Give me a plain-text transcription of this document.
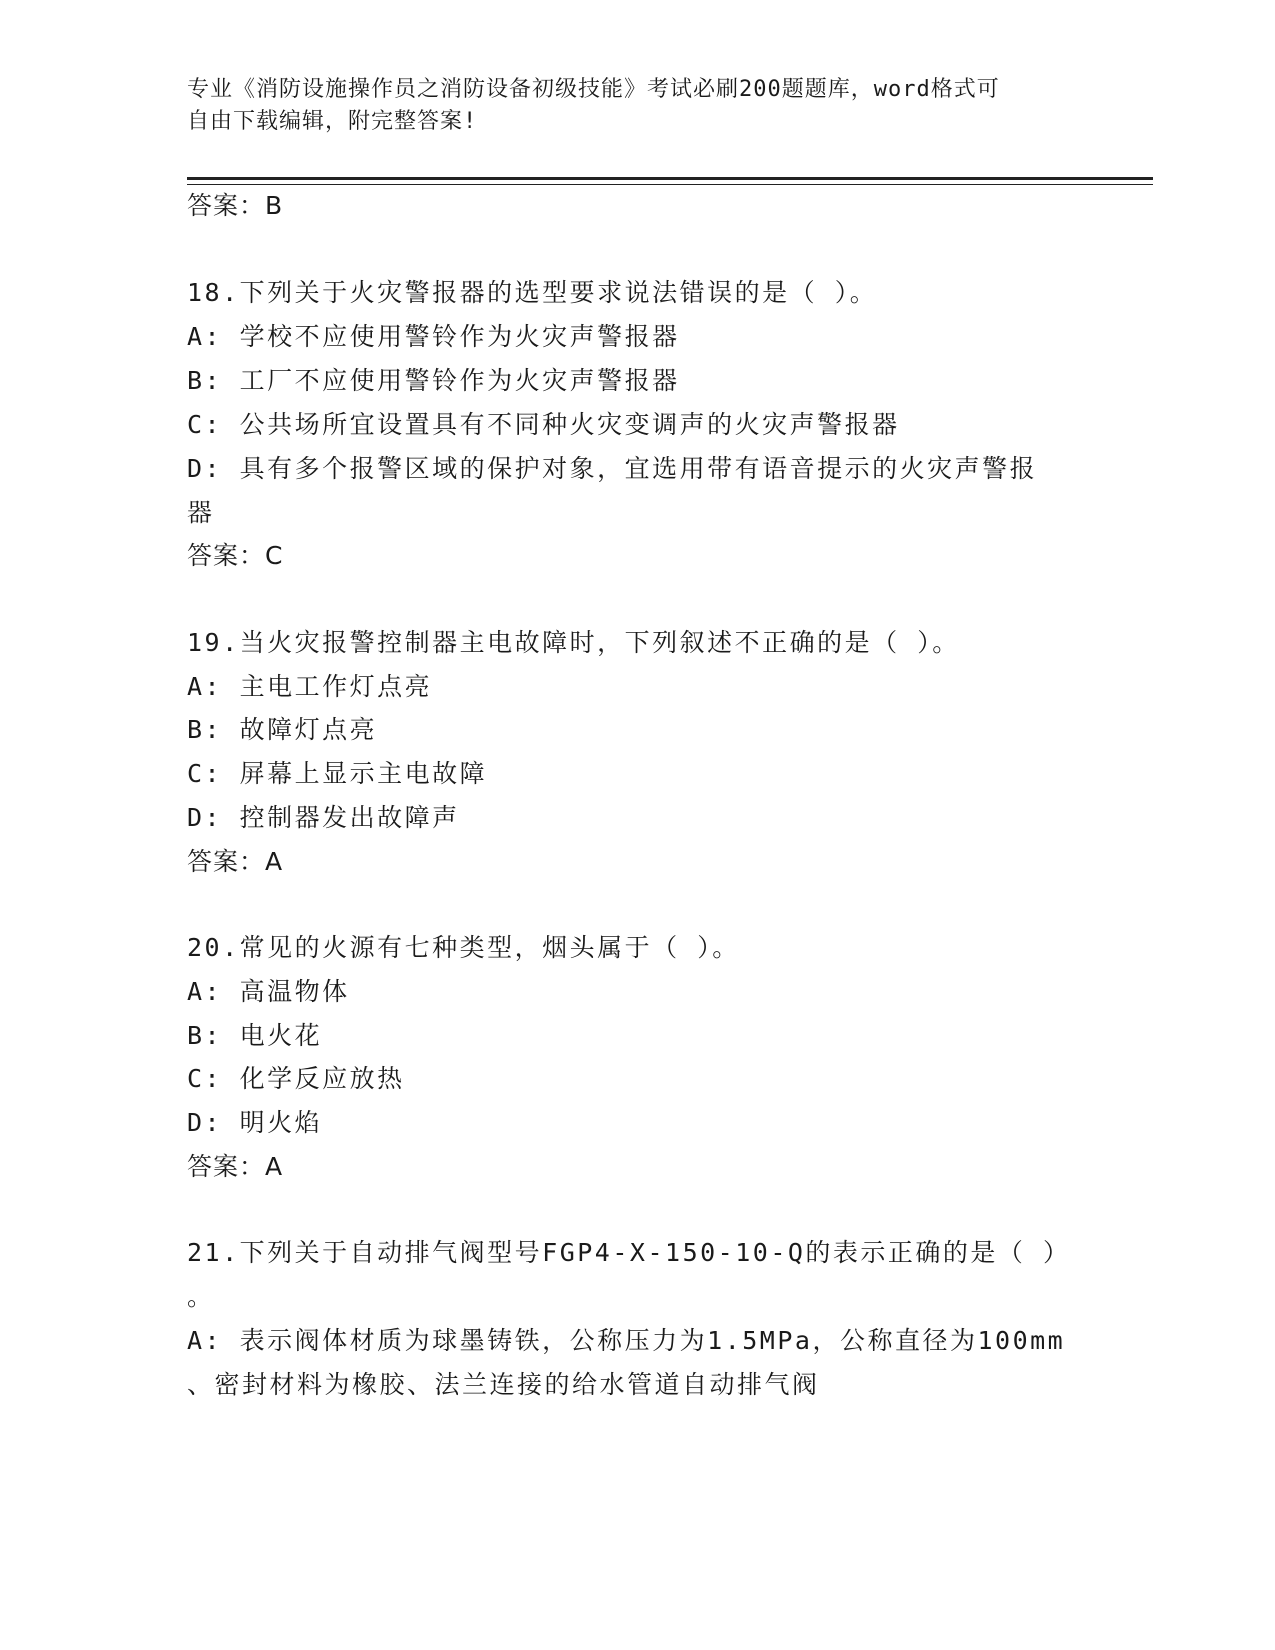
专业《消防设施操作员之消防设备初级技能》考试必刷200题题库，word格式可
自由下载编辑，附完整答案!
答案：B
18.下列关于火灾警报器的选型要求说法错误的是（ ）。
A: 学校不应使用警铃作为火灾声警报器
B: 工厂不应使用警铃作为火灾声警报器
C: 公共场所宜设置具有不同种火灾变调声的火灾声警报器
D: 具有多个报警区域的保护对象，宜选用带有语音提示的火灾声警报
器
答案：C
19.当火灾报警控制器主电故障时，下列叙述不正确的是（ ）。
A: 主电工作灯点亮
B: 故障灯点亮
C: 屏幕上显示主电故障
D: 控制器发出故障声
答案：A
20.常见的火源有七种类型，烟头属于（ ）。
A: 高温物体
B: 电火花
C: 化学反应放热
D: 明火焰
答案：A
21.下列关于自动排气阀型号FGP4-X-150-10-Q的表示正确的是（ ）
。
A: 表示阀体材质为球墨铸铁，公称压力为1.5MPa，公称直径为100mm
、密封材料为橡胶、法兰连接的给水管道自动排气阀
